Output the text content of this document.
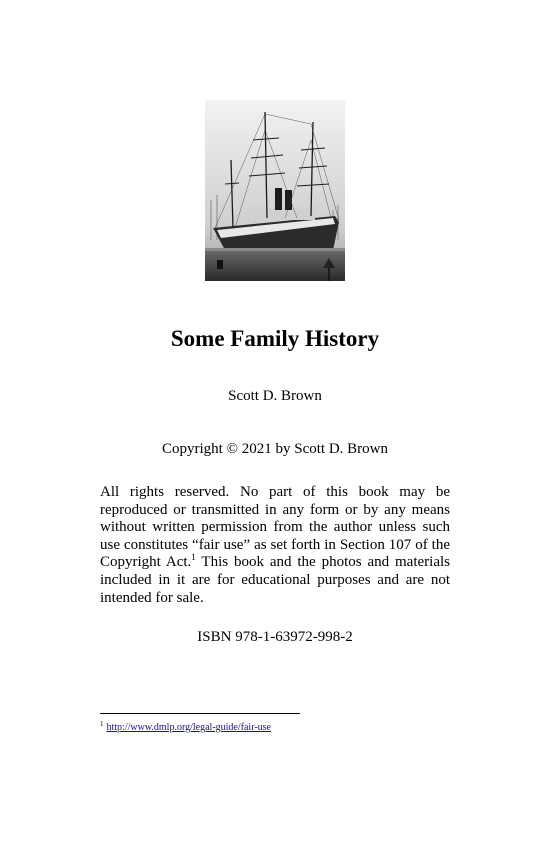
Some Family History
Scott D. Brown
Copyright © 2021 by Scott D. Brown

All rights reserved. No part of this book may be reproduced or transmitted in any form or by any means without written permission from the author unless such use constitutes “fair use” as set forth in Section 107 of the Copyright Act.$^1$ This book and the photos and materials included in it are for educational purposes and are not intended for sale.

ISBN 978-1-63972-998-2
$^1$ http://www.dmlp.org/legal-guide/fair-use
